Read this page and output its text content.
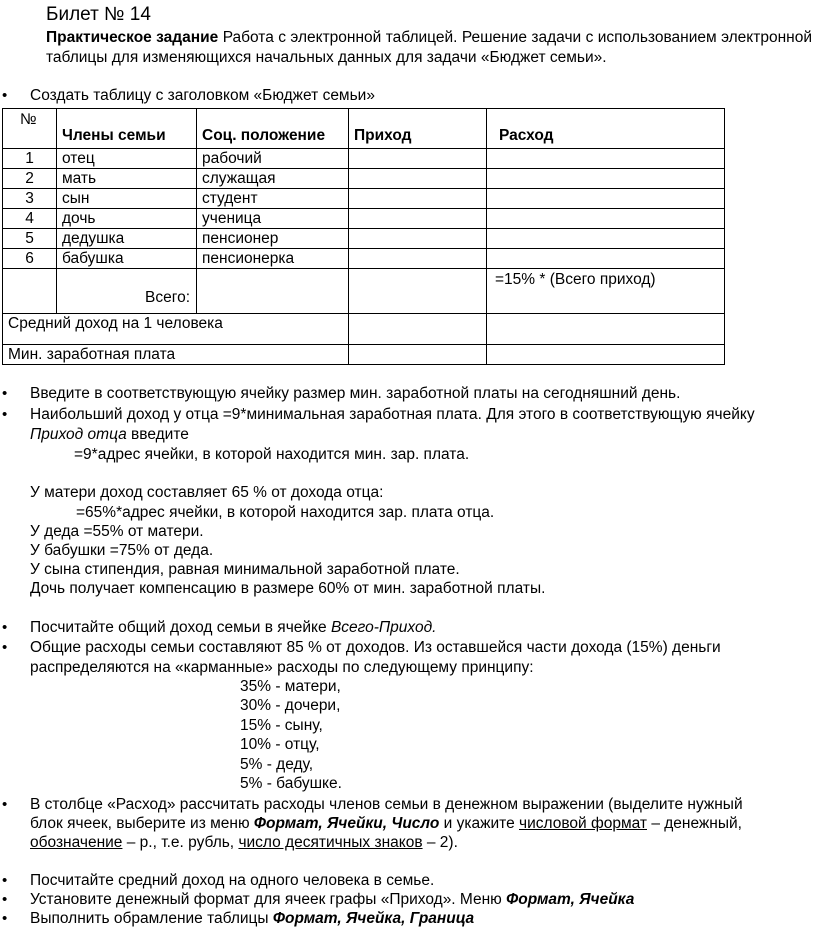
Билет № 14
Практическое задание Работа с электронной таблицей. Решение задачи с использованием электронной таблицы для изменяющихся начальных данных для задачи «Бюджет семьи».
• Создать таблицу с заголовком «Бюджет семьи»
№	Члены семьи	Соц. положение	Приход	Расход
1	отец	рабочий		
2	мать	служащая		
3	сын	студент		
4	дочь	ученица		
5	дедушка	пенсионер		
6	бабушка	пенсионерка		
	Всего:			=15% * (Всего приход)
Средний доход на 1 человека				
Мин. заработная плата				
• Введите в соответствующую ячейку размер мин. заработной платы на сегодняшний день.
• Наибольший доход у отца =9*минимальная заработная плата. Для этого в соответствующую ячейку
Приход отца введите
=9*адрес ячейки, в которой находится мин. зар. плата.
У матери доход составляет 65 % от дохода отца:
=65%*адрес ячейки, в которой находится зар. плата отца.
У деда =55% от матери.
У бабушки =75% от деда.
У сына стипендия, равная минимальной заработной плате.
Дочь получает компенсацию в размере 60% от мин. заработной платы.
• Посчитайте общий доход семьи в ячейке Всего-Приход.
• Общие расходы семьи составляют 85 % от доходов. Из оставшейся части дохода (15%) деньги
распределяются на «карманные» расходы по следующему принципу:
35% - матери,
30% - дочери,
15% - сыну,
10% - отцу,
5% - деду,
5% - бабушке.
• В столбце «Расход» рассчитать расходы членов семьи в денежном выражении (выделите нужный
блок ячеек, выберите из меню Формат, Ячейки, Число и укажите числовой формат – денежный,
обозначение – р., т.е. рубль, число десятичных знаков – 2).
• Посчитайте средний доход на одного человека в семье.
• Установите денежный формат для ячеек графы «Приход». Меню Формат, Ячейка
• Выполнить обрамление таблицы Формат, Ячейка, Граница
